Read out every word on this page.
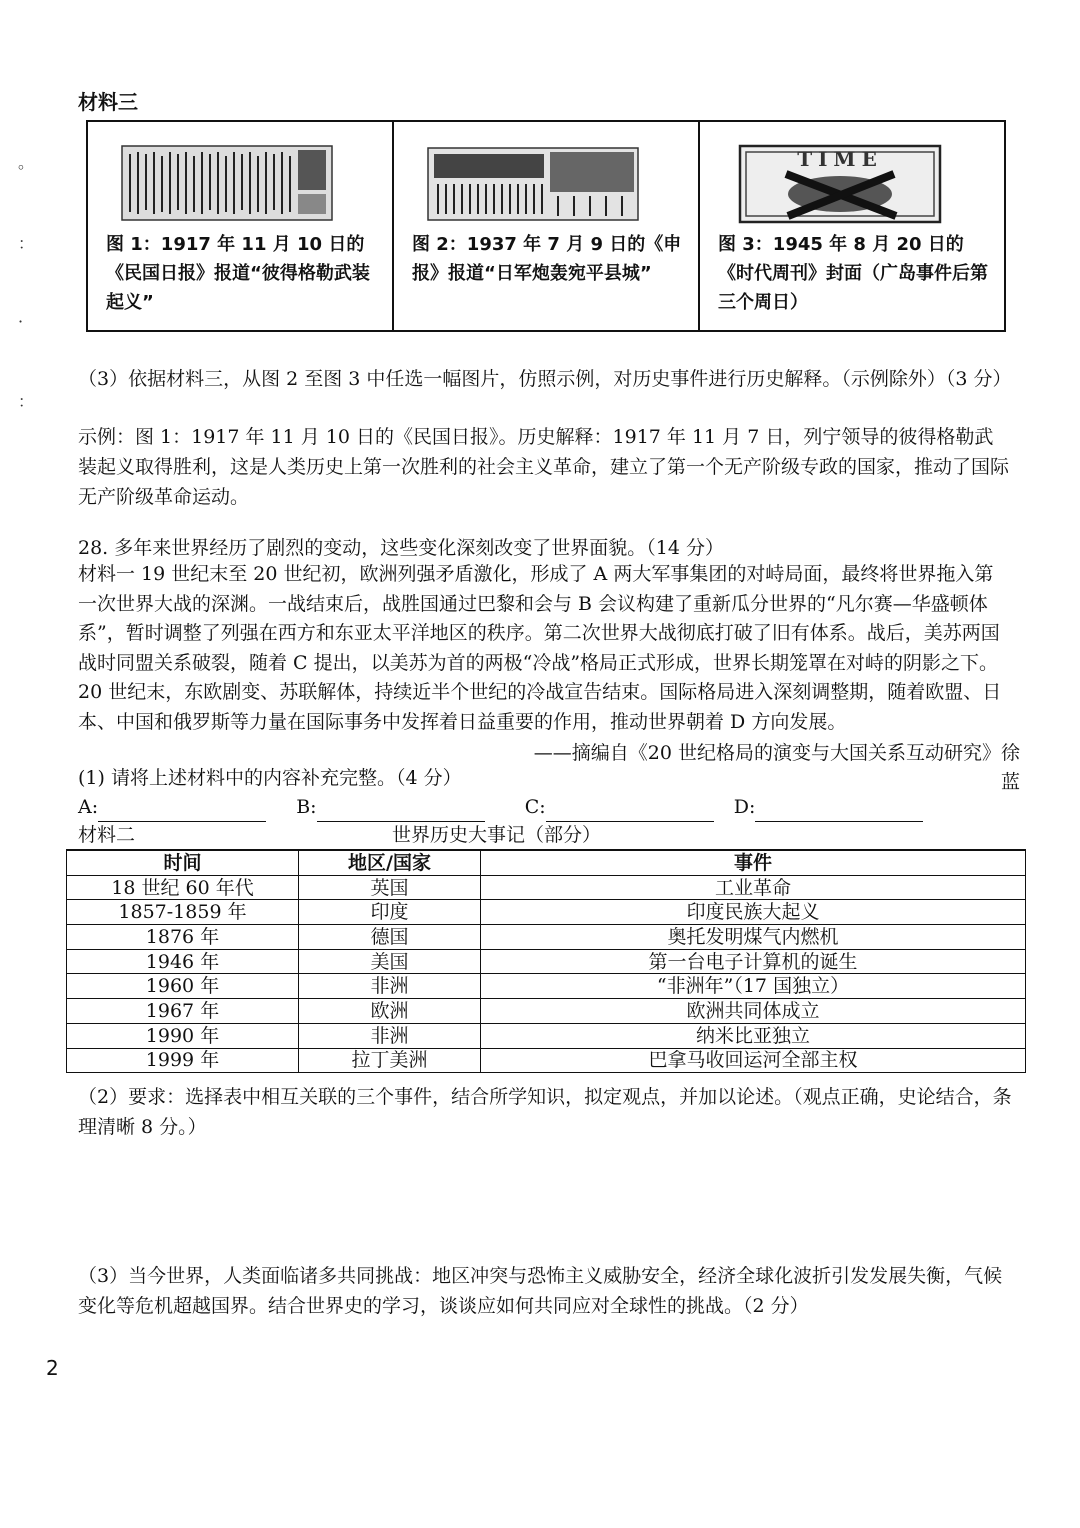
。
：
·
：
材料三
图 1：1917 年 11 月 10 日的《民国日报》报道“彼得格勒武装起义”
图 2：1937 年 7 月 9 日的《申报》报道“日军炮轰宛平县城”
TIME
图 3：1945 年 8 月 20 日的《时代周刊》封面（广岛事件后第三个周日）
（3）依据材料三，从图 2 至图 3 中任选一幅图片，仿照示例，对历史事件进行历史解释。（示例除外）（3 分）
示例：图 1：1917 年 11 月 10 日的《民国日报》。历史解释：1917 年 11 月 7 日，列宁领导的彼得格勒武装起义取得胜利，这是人类历史上第一次胜利的社会主义革命，建立了第一个无产阶级专政的国家，推动了国际无产阶级革命运动。
28. 多年来世界经历了剧烈的变动，这些变化深刻改变了世界面貌。（14 分）
材料一 19 世纪末至 20 世纪初，欧洲列强矛盾激化，形成了 A 两大军事集团的对峙局面，最终将世界拖入第一次世界大战的深渊。一战结束后，战胜国通过巴黎和会与 B 会议构建了重新瓜分世界的“凡尔赛—华盛顿体系”，暂时调整了列强在西方和东亚太平洋地区的秩序。第二次世界大战彻底打破了旧有体系。战后，美苏两国战时同盟关系破裂，随着 C 提出，以美苏为首的两极“冷战”格局正式形成，世界长期笼罩在对峙的阴影之下。20 世纪末，东欧剧变、苏联解体，持续近半个世纪的冷战宣告结束。国际格局进入深刻调整期，随着欧盟、日本、中国和俄罗斯等力量在国际事务中发挥着日益重要的作用，推动世界朝着 D 方向发展。
——摘编自《20 世纪格局的演变与大国关系互动研究》徐蓝
(1) 请将上述材料中的内容补充完整。（4 分）
A:	B:	C:	D:
材料二	世界历史大事记（部分）
时间	地区/国家	事件
18 世纪 60 年代	英国	工业革命
1857-1859 年	印度	印度民族大起义
1876 年	德国	奥托发明煤气内燃机
1946 年	美国	第一台电子计算机的诞生
1960 年	非洲	“非洲年”（17 国独立）
1967 年	欧洲	欧洲共同体成立
1990 年	非洲	纳米比亚独立
1999 年	拉丁美洲	巴拿马收回运河全部主权
（2）要求：选择表中相互关联的三个事件，结合所学知识，拟定观点，并加以论述。（观点正确，史论结合，条理清晰 8 分。）
（3）当今世界，人类面临诸多共同挑战：地区冲突与恐怖主义威胁安全，经济全球化波折引发发展失衡，气候变化等危机超越国界。结合世界史的学习，谈谈应如何共同应对全球性的挑战。（2 分）
2
